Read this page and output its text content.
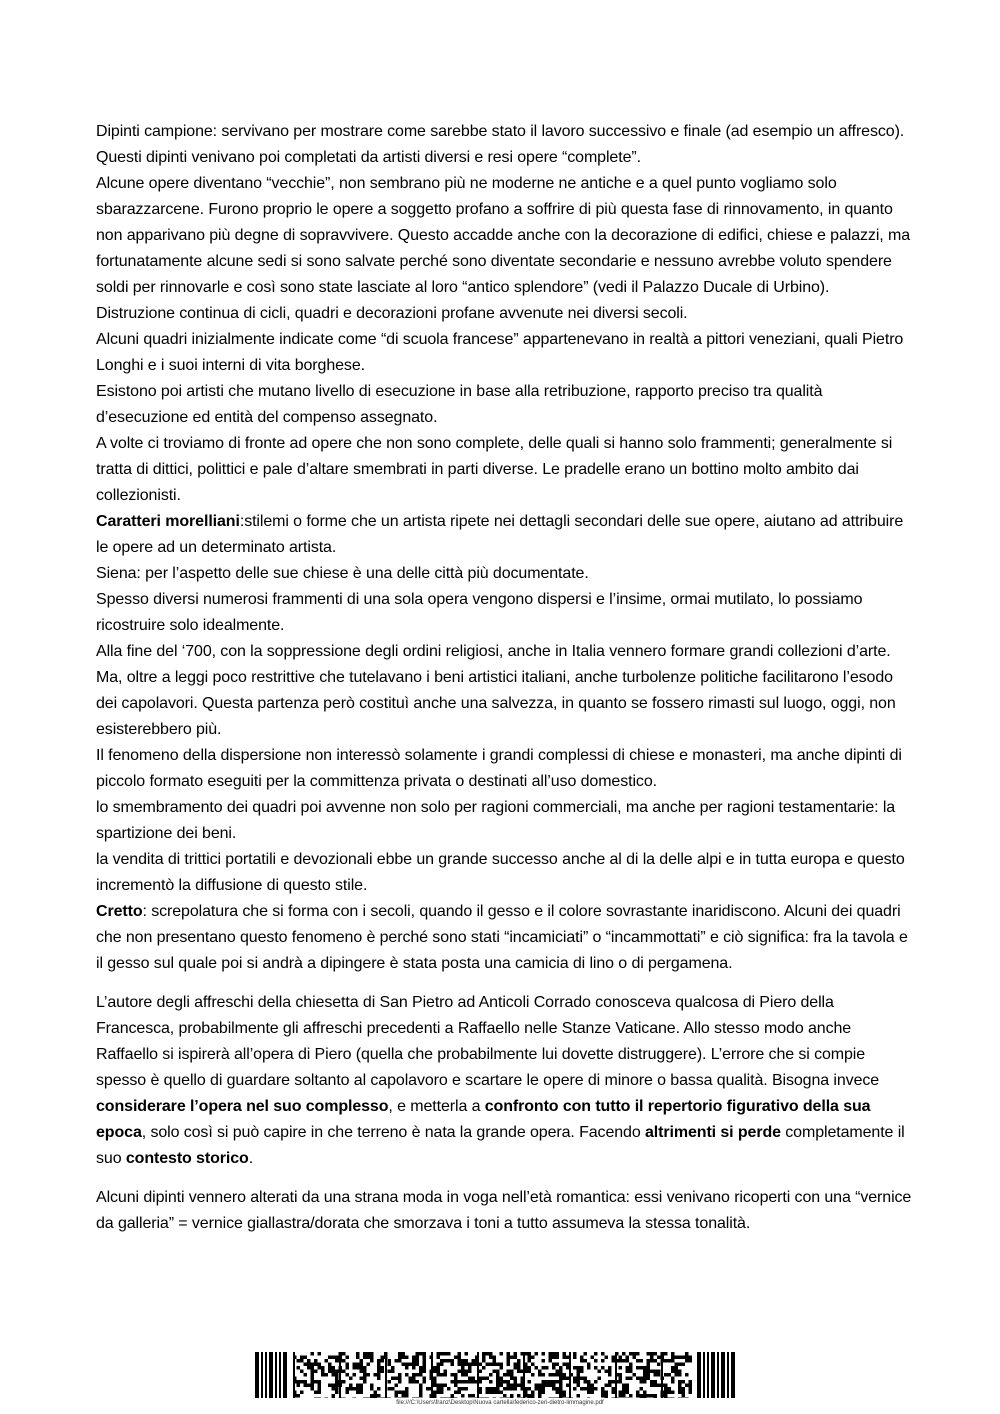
Dipinti campione: servivano per mostrare come sarebbe stato il lavoro successivo e finale (ad esempio un affresco). Questi dipinti venivano poi completati da artisti diversi e resi opere “complete”.

Alcune opere diventano “vecchie”, non sembrano più ne moderne ne antiche e a quel punto vogliamo solo sbarazzarcene. Furono proprio le opere a soggetto profano a soffrire di più questa fase di rinnovamento, in quanto non apparivano più degne di sopravvivere. Questo accadde anche con la decorazione di edifici, chiese e palazzi, ma fortunatamente alcune sedi si sono salvate perché sono diventate secondarie e nessuno avrebbe voluto spendere soldi per rinnovarle e così sono state lasciate al loro “antico splendore” (vedi il Palazzo Ducale di Urbino). Distruzione continua di cicli, quadri e decorazioni profane avvenute nei diversi secoli.

Alcuni quadri inizialmente indicate come “di scuola francese” appartenevano in realtà a pittori veneziani, quali Pietro Longhi e i suoi interni di vita borghese.

Esistono poi artisti che mutano livello di esecuzione in base alla retribuzione, rapporto preciso tra qualità d’esecuzione ed entità del compenso assegnato.

A volte ci troviamo di fronte ad opere che non sono complete, delle quali si hanno solo frammenti; generalmente si tratta di dittici, polittici e pale d’altare smembrati in parti diverse. Le pradelle erano un bottino molto ambito dai collezionisti.

Caratteri morelliani:stilemi o forme che un artista ripete nei dettagli secondari delle sue opere, aiutano ad attribuire le opere ad un determinato artista.

Siena: per l’aspetto delle sue chiese è una delle città più documentate.

Spesso diversi numerosi frammenti di una sola opera vengono dispersi e l’insime, ormai mutilato, lo possiamo ricostruire solo idealmente.

Alla fine del ‘700, con la soppressione degli ordini religiosi, anche in Italia vennero formare grandi collezioni d’arte. Ma, oltre a leggi poco restrittive che tutelavano i beni artistici italiani, anche turbolenze politiche facilitarono l’esodo dei capolavori. Questa partenza però costituì anche una salvezza, in quanto se fossero rimasti sul luogo, oggi, non esisterebbero più.

Il fenomeno della dispersione non interessò solamente i grandi complessi di chiese e monasteri, ma anche dipinti di piccolo formato eseguiti per la committenza privata o destinati all’uso domestico.

lo smembramento dei quadri poi avvenne non solo per ragioni commerciali, ma anche per ragioni testamentarie: la spartizione dei beni.

la vendita di trittici portatili e devozionali ebbe un grande successo anche al di la delle alpi e in tutta europa e questo incrementò la diffusione di questo stile.

Cretto: screpolatura che si forma con i secoli, quando il gesso e il colore sovrastante inaridiscono. Alcuni dei quadri che non presentano questo fenomeno è perché sono stati “incamiciati” o “incammottati” e ciò significa: fra la tavola e il gesso sul quale poi si andrà a dipingere è stata posta una camicia di lino o di pergamena.

L’autore degli affreschi della chiesetta di San Pietro ad Anticoli Corrado conosceva qualcosa di Piero della Francesca, probabilmente gli affreschi precedenti a Raffaello nelle Stanze Vaticane. Allo stesso modo anche Raffaello si ispirerà all’opera di Piero (quella che probabilmente lui dovette distruggere). L’errore che si compie spesso è quello di guardare soltanto al capolavoro e scartare le opere di minore o bassa qualità. Bisogna invece considerare l’opera nel suo complesso, e metterla a confronto con tutto il repertorio figurativo della sua epoca, solo così si può capire in che terreno è nata la grande opera. Facendo altrimenti si perde completamente il suo contesto storico.

Alcuni dipinti vennero alterati da una strana moda in voga nell’età romantica: essi venivano ricoperti con una “vernice da galleria” = vernice giallastra/dorata che smorzava i toni a tutto assumeva la stessa tonalità.

file:///C:\Users\franz\Desktop\Nuova cartella\federico-zeri-dietro-limmagine.pdf
